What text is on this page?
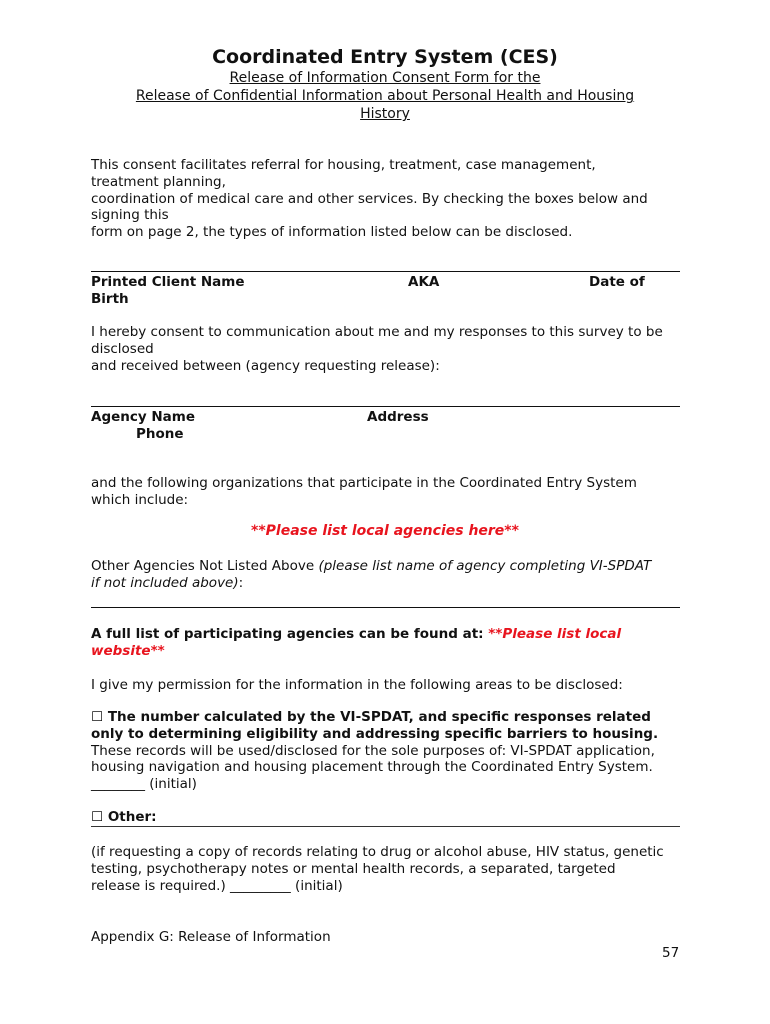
Coordinated Entry System (CES)
Release of Information Consent Form for the
Release of Confidential Information about Personal Health and Housing
History
This consent facilitates referral for housing, treatment, case management,
treatment planning,
coordination of medical care and other services. By checking the boxes below and
signing this
form on page 2, the types of information listed below can be disclosed.
Printed Client Name	AKA	Date of
Birth
I hereby consent to communication about me and my responses to this survey to be
disclosed
and received between (agency requesting release):
Agency Name	Address
Phone
and the following organizations that participate in the Coordinated Entry System
which include:
**Please list local agencies here**
Other Agencies Not Listed Above (please list name of agency completing VI-SPDAT
if not included above):
A full list of participating agencies can be found at: **Please list local
website**
I give my permission for the information in the following areas to be disclosed:
☐ The number calculated by the VI-SPDAT, and specific responses related
only to determining eligibility and addressing specific barriers to housing.
These records will be used/disclosed for the sole purposes of: VI-SPDAT application,
housing navigation and housing placement through the Coordinated Entry System.
________ (initial)
☐ Other:
(if requesting a copy of records relating to drug or alcohol abuse, HIV status, genetic
testing, psychotherapy notes or mental health records, a separated, targeted
release is required.) _________ (initial)
Appendix G: Release of Information
57
